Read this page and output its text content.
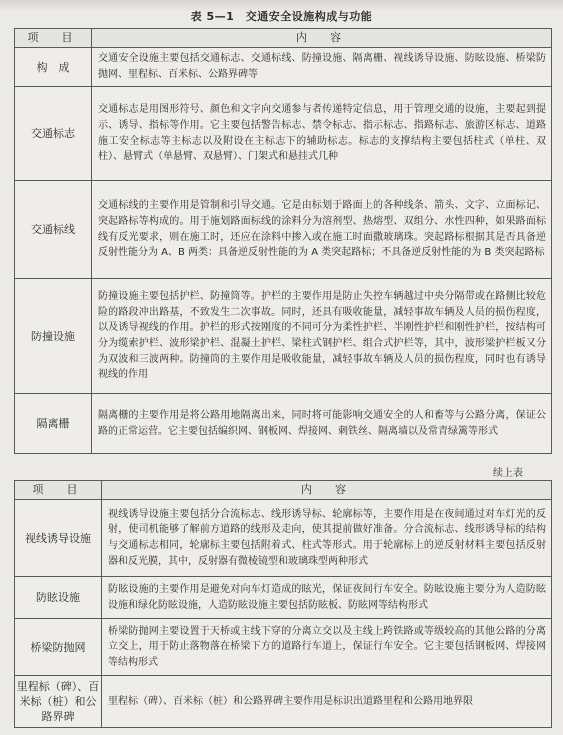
表 5—1　交通安全设施构成与功能
项　目	内　容
构　成	交通安全设施主要包括交通标志、交通标线、防撞设施、隔离栅、视线诱导设施、防眩设施、桥梁防抛网、里程标、百米标、公路界碑等
交通标志	交通标志是用图形符号、颜色和文字向交通参与者传递特定信息，用于管理交通的设施，主要起到提示、诱导、指标等作用。它主要包括警告标志、禁令标志、指示标志、指路标志、旅游区标志、道路施工安全标志等主标志以及附设在主标志下的辅助标志。标志的支撑结构主要包括柱式（单柱、双柱）、悬臂式（单悬臂、双悬臂）、门架式和悬挂式几种
交通标线	交通标线的主要作用是管制和引导交通。它是由标划于路面上的各种线条、箭头、文字、立面标记、突起路标等构成的。用于施划路面标线的涂料分为溶剂型、热熔型、双组分、水性四种，如果路面标线有反光要求，则在施工时，还应在涂料中掺入或在施工时面撒玻璃珠。突起路标根据其是否具备逆反射性能分为 A、B 两类：具备逆反射性能的为 A 类突起路标；不具备逆反射性能的为 B 类突起路标
防撞设施	防撞设施主要包括护栏、防撞筒等。护栏的主要作用是防止失控车辆越过中央分隔带或在路侧比较危险的路段冲出路基，不致发生二次事故。同时，还具有吸收能量，减轻事故车辆及人员的损伤程度，以及诱导视线的作用。护栏的形式按刚度的不同可分为柔性护栏、半刚性护栏和刚性护栏，按结构可分为缆索护栏、波形梁护栏、混凝土护栏、梁柱式钢护栏、组合式护栏等，其中，波形梁护栏板又分为双波和三波两种。防撞筒的主要作用是吸收能量，减轻事故车辆及人员的损伤程度，同时也有诱导视线的作用
隔离栅	隔离栅的主要作用是将公路用地隔离出来，同时将可能影响交通安全的人和畜等与公路分离，保证公路的正常运营。它主要包括编织网、钢板网、焊接网、刺铁丝、隔离墙以及常青绿篱等形式
续上表
项　目	内　容
视线诱导设施	视线诱导设施主要包括分合流标志、线形诱导标、轮廓标等，主要作用是在夜间通过对车灯光的反射，使司机能够了解前方道路的线形及走向，使其提前做好准备。分合流标志、线形诱导标的结构与交通标志相同，轮廓标主要包括附着式、柱式等形式。用于轮廓标上的逆反射材料主要包括反射器和反光膜，其中，反射器有微棱镜型和玻璃珠型两种形式
防眩设施	防眩设施的主要作用是避免对向车灯造成的眩光，保证夜间行车安全。防眩设施主要分为人造防眩设施和绿化防眩设施，人造防眩设施主要包括防眩板、防眩网等结构形式
桥梁防抛网	桥梁防抛网主要设置于天桥或主线下穿的分离立交以及主线上跨铁路或等级较高的其他公路的分离立交上，用于防止落物落在桥梁下方的道路行车道上，保证行车安全。它主要包括钢板网、焊接网等结构形式
里程标（碑）、百米标（桩）和公路界碑	里程标（碑）、百米标（桩）和公路界碑主要作用是标识出道路里程和公路用地界限
